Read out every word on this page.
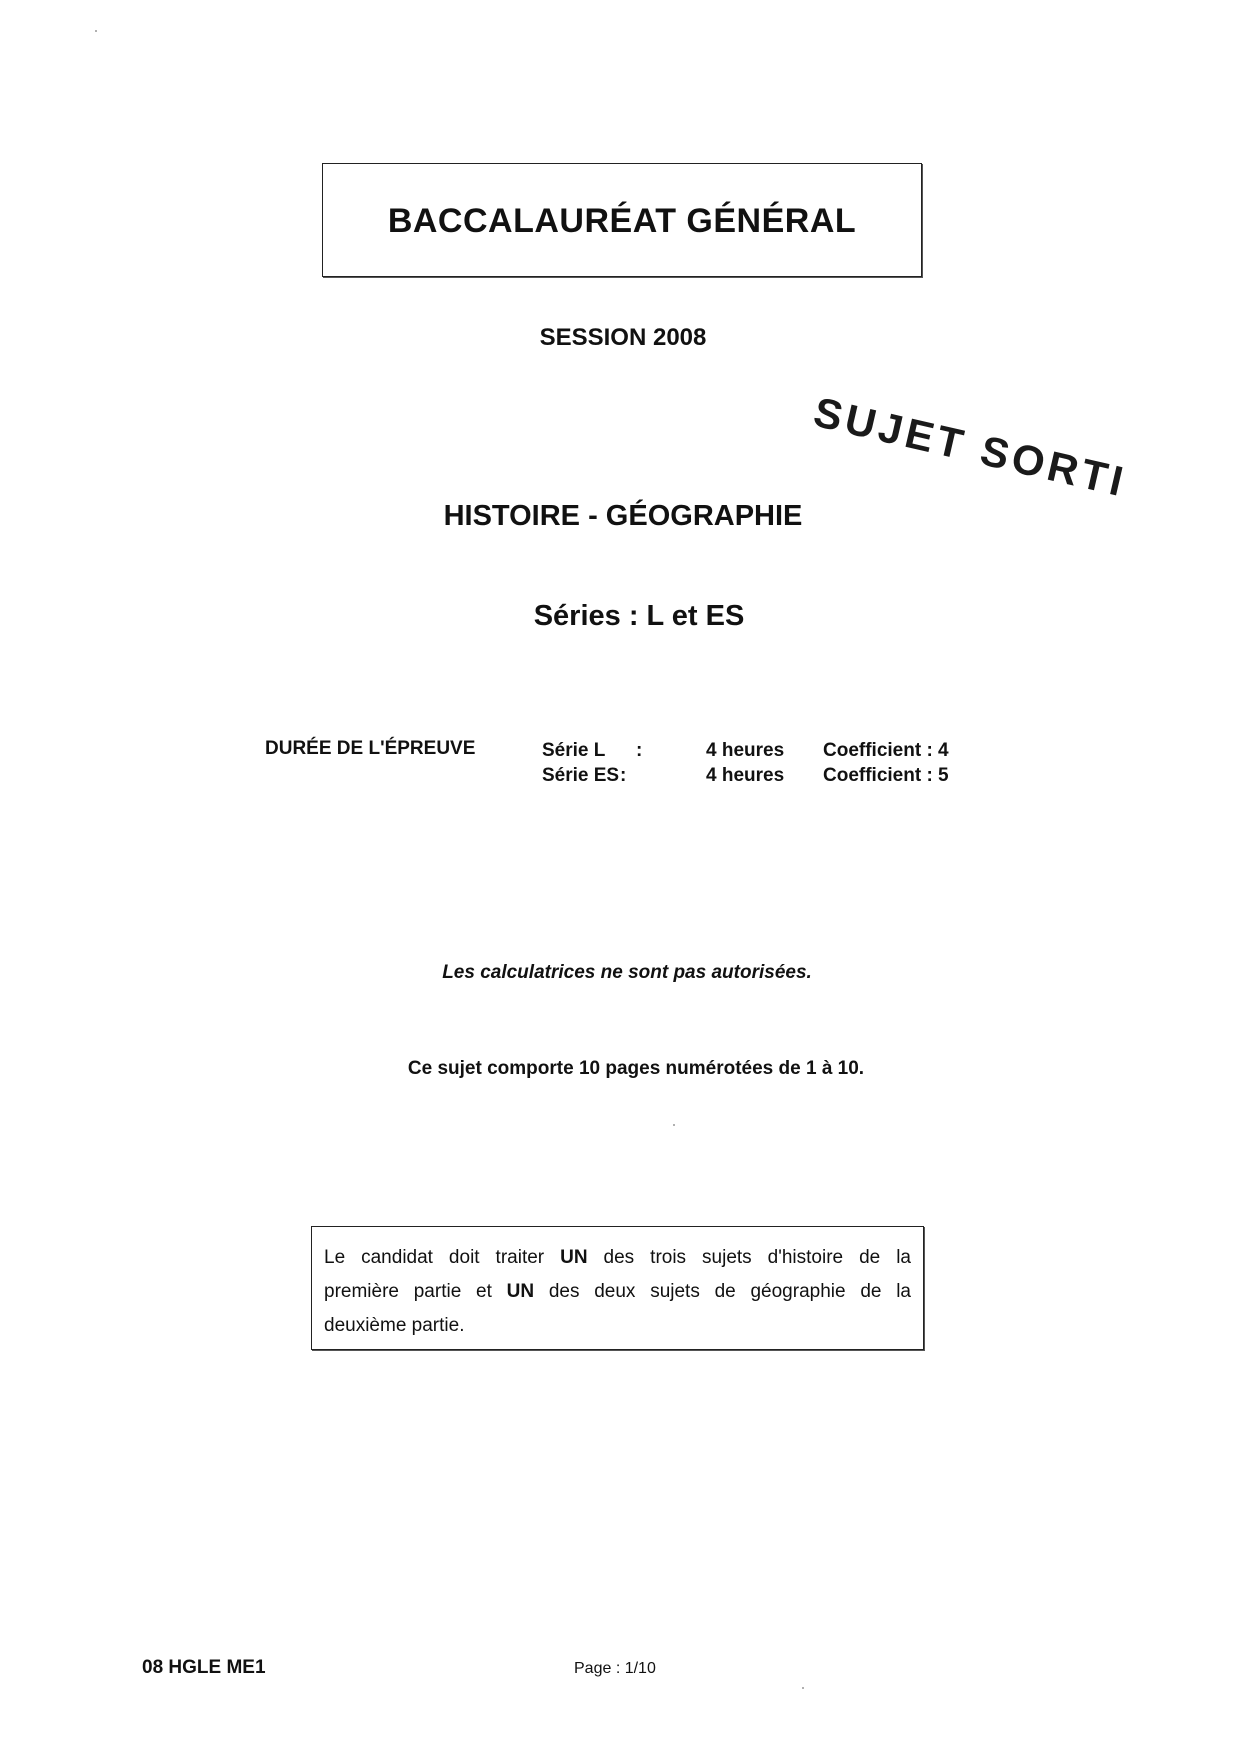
BACCALAURÉAT GÉNÉRAL
SESSION 2008
SUJET SORTI
HISTOIRE - GÉOGRAPHIE
Séries : L et ES
DURÉE DE L'ÉPREUVE	Série L :	4 heures Coefficient : 4
Série ES :	4 heures Coefficient : 5
Les calculatrices ne sont pas autorisées.
Ce sujet comporte 10 pages numérotées de 1 à 10.
Le candidat doit traiter UN des trois sujets d'histoire de la
première partie et UN des deux sujets de géographie de la
deuxième partie.
08 HGLE ME1	Page : 1/10
